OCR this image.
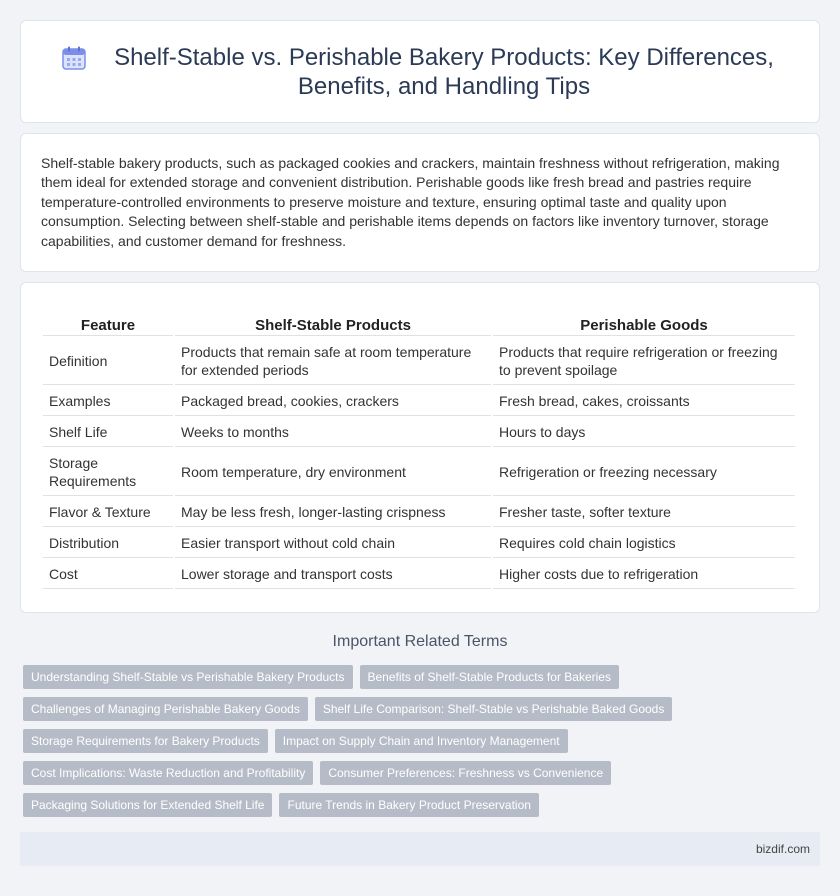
Shelf-Stable vs. Perishable Bakery Products: Key Differences, Benefits, and Handling Tips

Shelf-stable bakery products, such as packaged cookies and crackers, maintain freshness without refrigeration, making them ideal for extended storage and convenient distribution. Perishable goods like fresh bread and pastries require temperature-controlled environments to preserve moisture and texture, ensuring optimal taste and quality upon consumption. Selecting between shelf-stable and perishable items depends on factors like inventory turnover, storage capabilities, and customer demand for freshness.

Feature	Shelf-Stable Products	Perishable Goods
Definition	Products that remain safe at room temperature for extended periods	Products that require refrigeration or freezing to prevent spoilage
Examples	Packaged bread, cookies, crackers	Fresh bread, cakes, croissants
Shelf Life	Weeks to months	Hours to days
Storage Requirements	Room temperature, dry environment	Refrigeration or freezing necessary
Flavor & Texture	May be less fresh, longer-lasting crispness	Fresher taste, softer texture
Distribution	Easier transport without cold chain	Requires cold chain logistics
Cost	Lower storage and transport costs	Higher costs due to refrigeration
Important Related Terms
Understanding Shelf-Stable vs Perishable Bakery Products	Benefits of Shelf-Stable Products for Bakeries
Challenges of Managing Perishable Bakery Goods	Shelf Life Comparison: Shelf-Stable vs Perishable Baked Goods
Storage Requirements for Bakery Products	Impact on Supply Chain and Inventory Management
Cost Implications: Waste Reduction and Profitability	Consumer Preferences: Freshness vs Convenience
Packaging Solutions for Extended Shelf Life	Future Trends in Bakery Product Preservation
bizdif.com
